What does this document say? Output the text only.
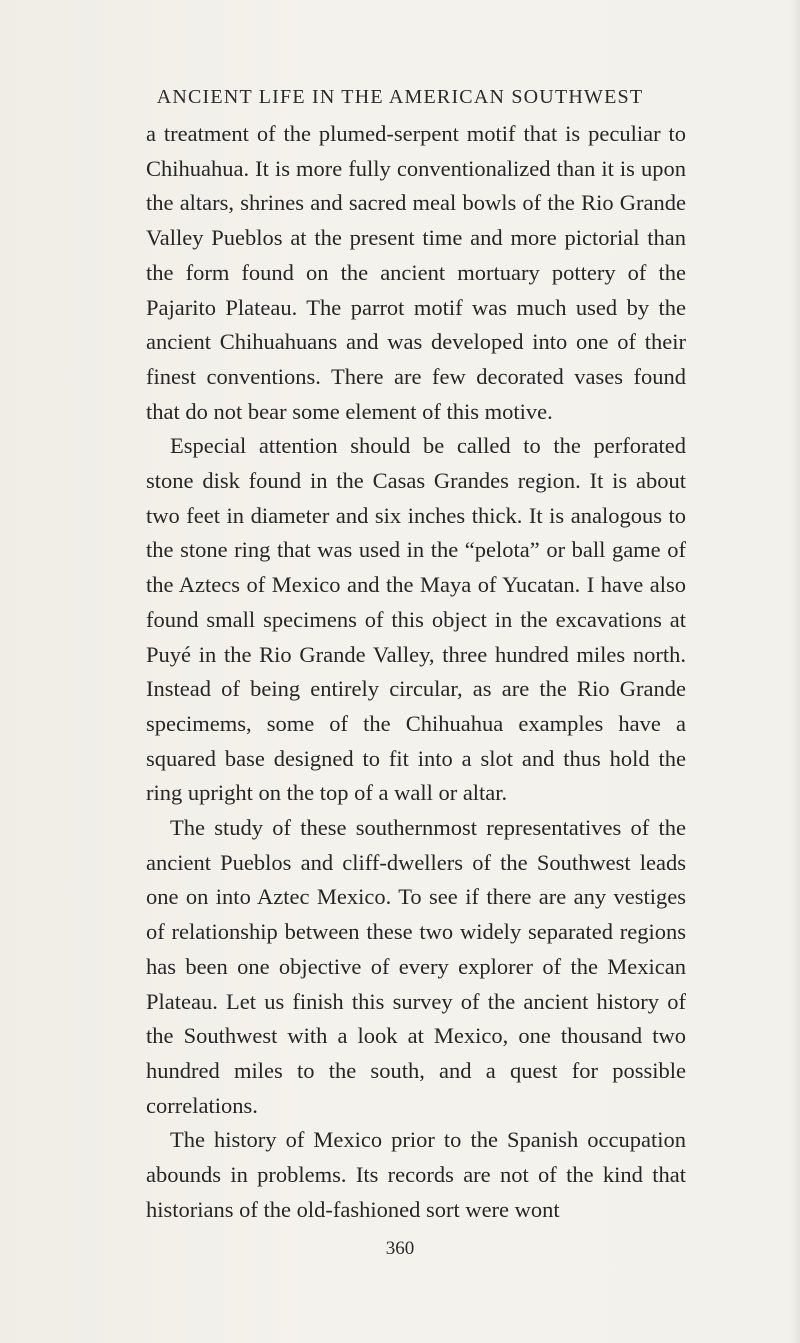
ANCIENT LIFE IN THE AMERICAN SOUTHWEST

a treatment of the plumed-serpent motif that is peculiar to Chihuahua. It is more fully conventionalized than it is upon the altars, shrines and sacred meal bowls of the Rio Grande Valley Pueblos at the present time and more pictorial than the form found on the ancient mortuary pottery of the Pajarito Plateau. The parrot motif was much used by the ancient Chihuahuans and was developed into one of their finest conventions. There are few decorated vases found that do not bear some element of this motive.

Especial attention should be called to the perforated stone disk found in the Casas Grandes region. It is about two feet in diameter and six inches thick. It is analogous to the stone ring that was used in the “pelota” or ball game of the Aztecs of Mexico and the Maya of Yucatan. I have also found small specimens of this object in the excavations at Puyé in the Rio Grande Valley, three hundred miles north. Instead of being entirely circular, as are the Rio Grande specimems, some of the Chihuahua examples have a squared base designed to fit into a slot and thus hold the ring upright on the top of a wall or altar.

The study of these southernmost representatives of the ancient Pueblos and cliff-dwellers of the Southwest leads one on into Aztec Mexico. To see if there are any vestiges of relationship between these two widely separated regions has been one objective of every explorer of the Mexican Plateau. Let us finish this survey of the ancient history of the Southwest with a look at Mexico, one thousand two hundred miles to the south, and a quest for possible correlations.

The history of Mexico prior to the Spanish occupation abounds in problems. Its records are not of the kind that historians of the old-fashioned sort were wont

360
